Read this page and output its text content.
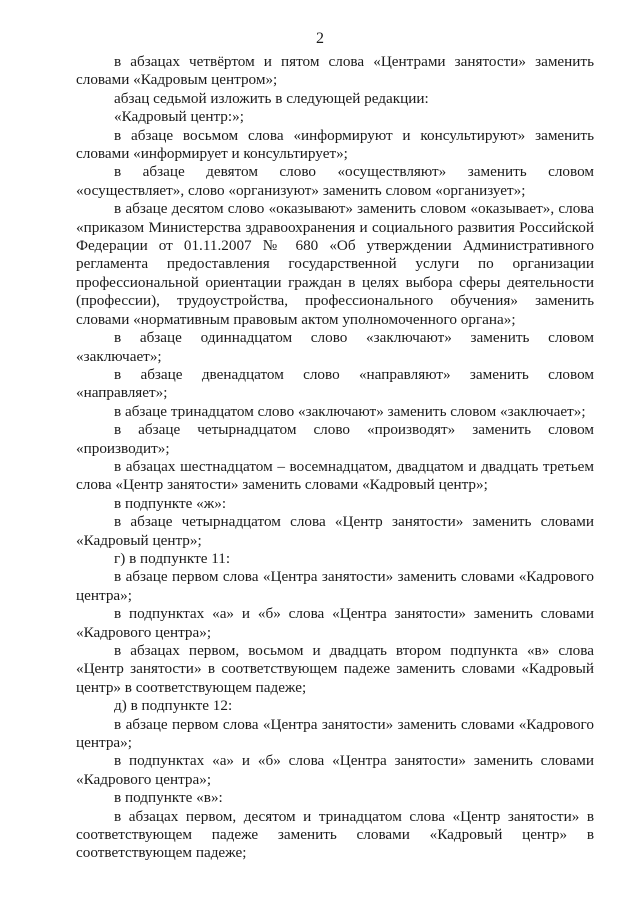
2

в абзацах четвёртом и пятом слова «Центрами занятости» заменить словами «Кадровым центром»;

абзац седьмой изложить в следующей редакции:

«Кадровый центр:»;

в абзаце восьмом слова «информируют и консультируют» заменить словами «информирует и консультирует»;

в абзаце девятом слово «осуществляют» заменить словом «осуществляет», слово «организуют» заменить словом «организует»;

в абзаце десятом слово «оказывают» заменить словом «оказывает», слова «приказом Министерства здравоохранения и социального развития Российской Федерации от 01.11.2007 № 680 «Об утверждении Административного регламента предоставления государственной услуги по организации профессиональной ориентации граждан в целях выбора сферы деятельности (профессии), трудоустройства, профессионального обучения» заменить словами «нормативным правовым актом уполномоченного органа»;

в абзаце одиннадцатом слово «заключают» заменить словом «заключает»;

в абзаце двенадцатом слово «направляют» заменить словом «направляет»;

в абзаце тринадцатом слово «заключают» заменить словом «заключает»;

в абзаце четырнадцатом слово «производят» заменить словом «производит»;

в абзацах шестнадцатом – восемнадцатом, двадцатом и двадцать третьем слова «Центр занятости» заменить словами «Кадровый центр»;

в подпункте «ж»:

в абзаце четырнадцатом слова «Центр занятости» заменить словами «Кадровый центр»;

г) в подпункте 11:

в абзаце первом слова «Центра занятости» заменить словами «Кадрового центра»;

в подпунктах «а» и «б» слова «Центра занятости» заменить словами «Кадрового центра»;

в абзацах первом, восьмом и двадцать втором подпункта «в» слова «Центр занятости» в соответствующем падеже заменить словами «Кадровый центр» в соответствующем падеже;

д) в подпункте 12:

в абзаце первом слова «Центра занятости» заменить словами «Кадрового центра»;

в подпунктах «а» и «б» слова «Центра занятости» заменить словами «Кадрового центра»;

в подпункте «в»:

в абзацах первом, десятом и тринадцатом слова «Центр занятости» в соответствующем падеже заменить словами «Кадровый центр» в соответствующем падеже;
